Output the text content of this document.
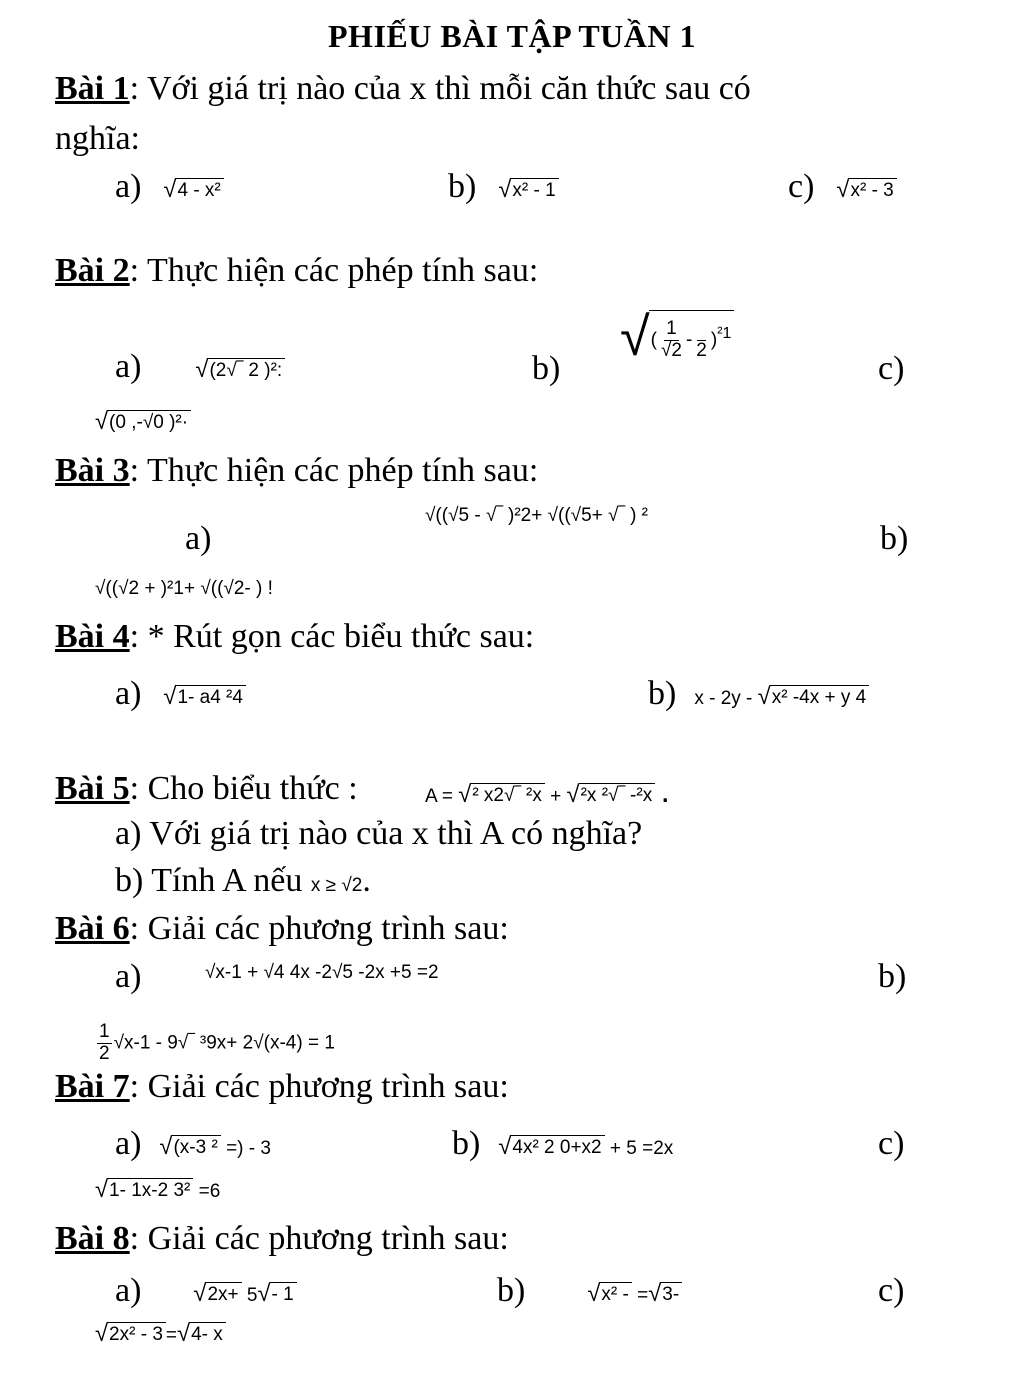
PHIẾU BÀI TẬP TUẦN 1
Bài 1: Với giá trị nào của x thì mỗi căn thức sau có
nghĩa:
a) √ 4 - x²	b) √ x² - 1	c) √ x² - 3
Bài 2: Thực hiện các phép tính sau:
a) √ (2√‾ 2 )²:	b)
√ ( $\frac{1}{√2}$ -
2 )$^{^21}$
c)
√ (0 ,-√0 )²·
Bài 3: Thực hiện các phép tính sau:
a)
√((√5 - √‾ )²2+ √((√5+ √‾ ) ²
b)
√((√2 + )²1+ √((√2- ) !
Bài 4: * Rút gọn các biểu thức sau:
a) √ 1- a4 ²4	b) x - 2y - √ x² -4x + y 4
Bài 5: Cho biểu thức :	A = √ ² x2√‾ ²x + √ ²x ²√‾ -²x .
a) Với giá trị nào của x thì A có nghĩa?
b) Tính A nếu x ≥ √2.
Bài 6: Giải các phương trình sau:
a)	√x-1 + √4 4x -2√5 -2x +5 =2	b)
$\frac{1}{2} √x-1$ - 9√‾ ³9x+ 2√(x-4) = 1
Bài 7: Giải các phương trình sau:
a) √ (x-3 ² =) - 3	b) √ 4x² 2 0+x2 + 5 =2x	c)
√ 1- 1x-2 3² =6
Bài 8: Giải các phương trình sau:
a) √ 2x+ 5 √ - 1	b)	√ x² - = √ 3-	c)
√ 2x² - 3 = √ 4- x
